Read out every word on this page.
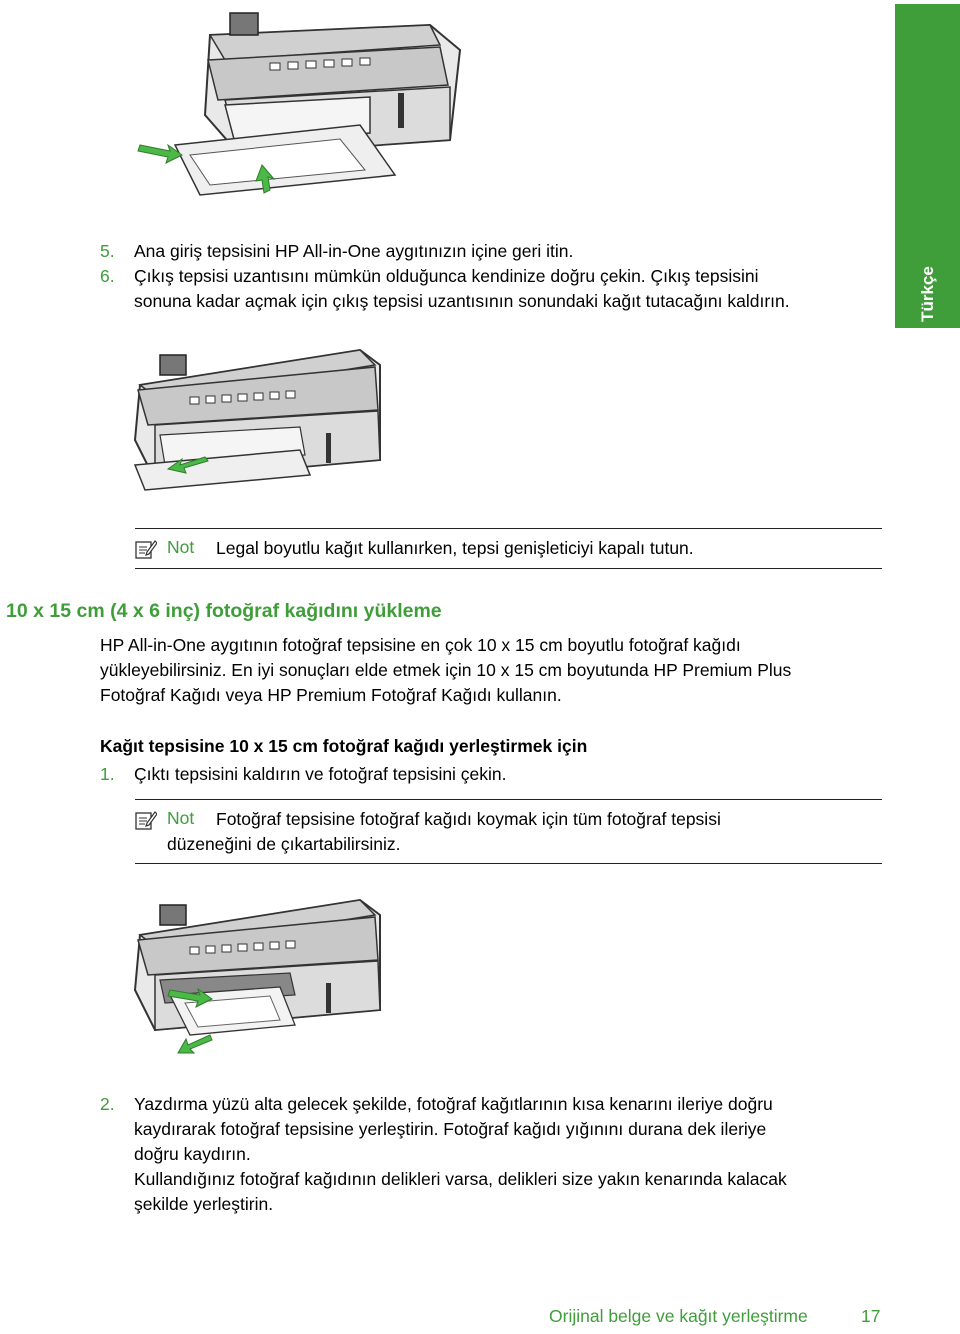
Türkçe
5. Ana giriş tepsisini HP All-in-One aygıtınızın içine geri itin.
6. Çıkış tepsisi uzantısını mümkün olduğunca kendinize doğru çekin. Çıkış tepsisini
sonuna kadar açmak için çıkış tepsisi uzantısının sonundaki kağıt tutacağını kaldırın.
Not Legal boyutlu kağıt kullanırken, tepsi genişleticiyi kapalı tutun.
10 x 15 cm (4 x 6 inç) fotoğraf kağıdını yükleme
HP All-in-One aygıtının fotoğraf tepsisine en çok 10 x 15 cm boyutlu fotoğraf kağıdı
yükleyebilirsiniz. En iyi sonuçları elde etmek için 10 x 15 cm boyutunda HP Premium Plus
Fotoğraf Kağıdı veya HP Premium Fotoğraf Kağıdı kullanın.
Kağıt tepsisine 10 x 15 cm fotoğraf kağıdı yerleştirmek için
1. Çıktı tepsisini kaldırın ve fotoğraf tepsisini çekin.
Not Fotoğraf tepsisine fotoğraf kağıdı koymak için tüm fotoğraf tepsisi
düzeneğini de çıkartabilirsiniz.
2. Yazdırma yüzü alta gelecek şekilde, fotoğraf kağıtlarının kısa kenarını ileriye doğru
kaydırarak fotoğraf tepsisine yerleştirin. Fotoğraf kağıdı yığınını durana dek ileriye
doğru kaydırın.
Kullandığınız fotoğraf kağıdının delikleri varsa, delikleri size yakın kenarında kalacak
şekilde yerleştirin.
Orijinal belge ve kağıt yerleştirme	17
